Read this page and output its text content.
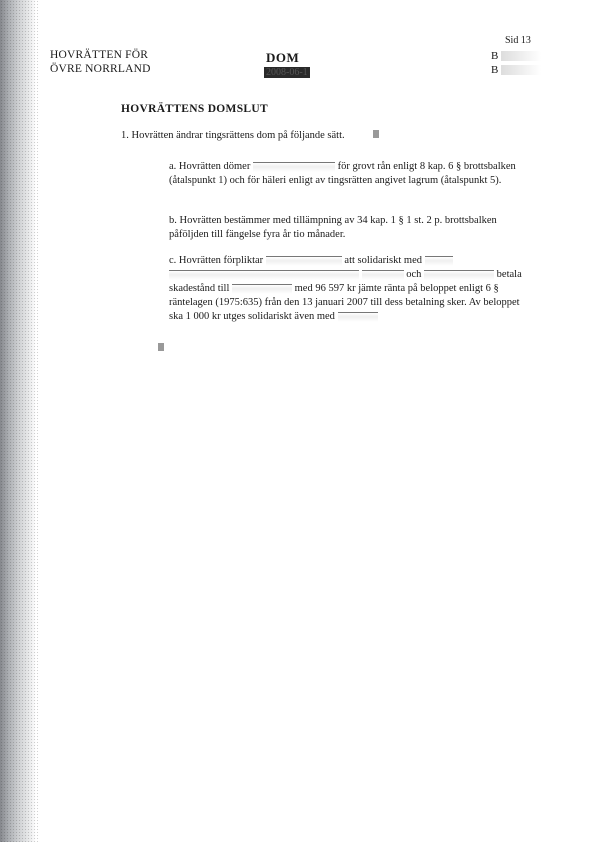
HOVRÄTTEN FÖR
ÖVRE NORRLAND
DOM
2008-06-1
Sid 13
B
B
HOVRÄTTENS DOMSLUT
1. Hovrätten ändrar tingsrättens dom på följande sätt.
a. Hovrätten dömer	för grovt rån enligt 8 kap. 6 § brottsbalken (åtalspunkt 1) och för häleri enligt av tingsrätten angivet lagrum (åtalspunkt 5).
b. Hovrätten bestämmer med tillämpning av 34 kap. 1 § 1 st. 2 p. brottsbalken påföljden till fängelse fyra år tio månader.
c. Hovrätten förpliktar	att solidariskt med    och	betala skadestånd till	med 96 597 kr jämte ränta på beloppet enligt 6 § räntelagen (1975:635) från den 13 januari 2007 till dess betalning sker. Av beloppet ska 1 000 kr utges solidariskt även med
